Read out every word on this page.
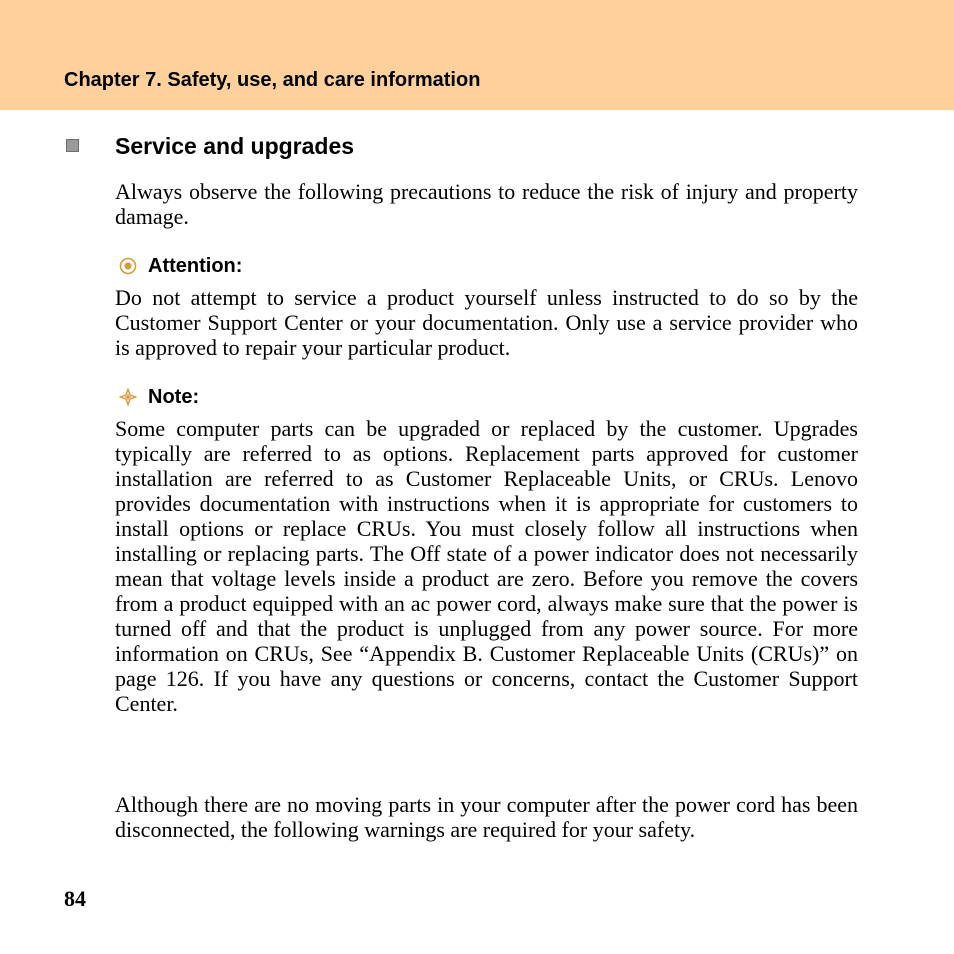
Chapter 7. Safety, use, and care information
Service and upgrades

Always observe the following precautions to reduce the risk of injury and property damage.

Attention:

Do not attempt to service a product yourself unless instructed to do so by the Customer Support Center or your documentation. Only use a service provider who is approved to repair your particular product.

Note:

Some computer parts can be upgraded or replaced by the customer. Upgrades typically are referred to as options. Replacement parts approved for customer installation are referred to as Customer Replaceable Units, or CRUs. Lenovo provides documentation with instructions when it is appropriate for customers to install options or replace CRUs. You must closely follow all instructions when installing or replacing parts. The Off state of a power indicator does not necessarily mean that voltage levels inside a product are zero. Before you remove the covers from a product equipped with an ac power cord, always make sure that the power is turned off and that the product is unplugged from any power source. For more information on CRUs, See “Appendix B. Customer Replaceable Units (CRUs)” on page 126. If you have any questions or concerns, contact the Customer Support Center.

Although there are no moving parts in your computer after the power cord has been disconnected, the following warnings are required for your safety.

84
